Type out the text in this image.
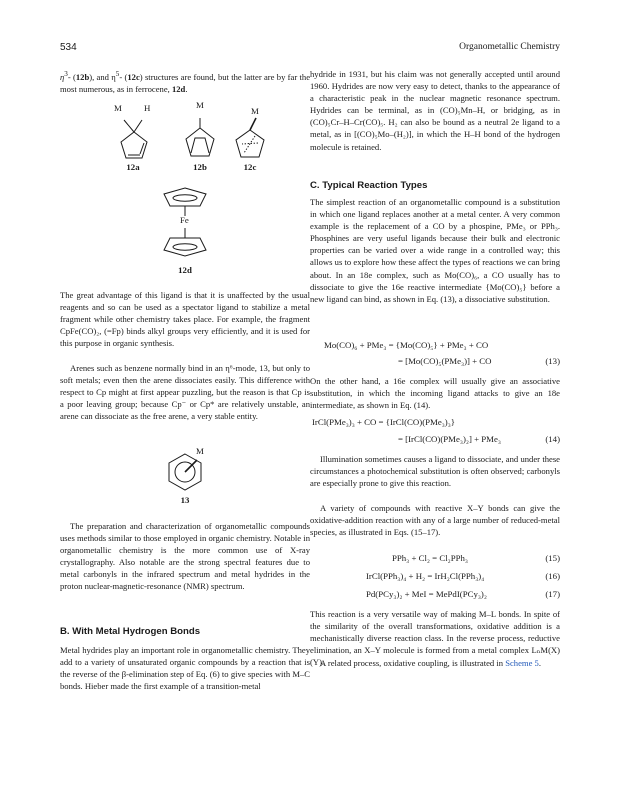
534	Organometallic Chemistry
$\eta^3-$ (12b), and $\eta^5-$ (12c) structures are found, but the latter are by far the most numerous, as in ferrocene, 12d.
M	H	M
M
12a	12b	12c
Fe
12d
The great advantage of this ligand is that it is unaffected by the usual reagents and so can be used as a spectator ligand to stabilize a metal fragment while other chemistry takes place. For example, the fragment CpFe(CO)₂, (=Fp) binds alkyl groups very efficiently, and it is used for this purpose in organic synthesis.
Arenes such as benzene normally bind in an η⁶-mode, 13, but only to soft metals; even then the arene dissociates easily. This difference with respect to Cp might at first appear puzzling, but the reason is that Cp is a poor leaving group; because Cp⁻ or Cp* are relatively unstable, an arene can dissociate as the free arene, a very stable entity.
M
13
The preparation and characterization of organometallic compounds uses methods similar to those employed in organic chemistry. Notable in organometallic chemistry is the more common use of X-ray crystallography. Also notable are the strong spectral features due to metal carbonyls in the infrared spectrum and metal hydrides in the proton nuclear-magnetic-resonance (NMR) spectrum.
B. With Metal Hydrogen Bonds
Metal hydrides play an important role in organometallic chemistry. They add to a variety of unsaturated organic compounds by a reaction that is the reverse of the β-elimination step of Eq. (6) to give species with M–C bonds. Hieber made the first example of a transition-metal
hydride in 1931, but his claim was not generally accepted until around 1960. Hydrides are now very easy to detect, thanks to the appearance of a characteristic peak in the nuclear magnetic resonance spectrum. Hydrides can be terminal, as in (CO)₅Mn–H, or bridging, as in (CO)₅Cr–H–Cr(CO)₅. H₂ can also be bound as a neutral 2e ligand to a metal, as in [(CO)₅Mo–(H₂)], in which the H–H bond of the hydrogen molecule is retained.
C. Typical Reaction Types
The simplest reaction of an organometallic compound is a substitution in which one ligand replaces another at a metal center. A very common example is the replacement of a CO by a phospine, PMe₃ or PPh₃. Phosphines are very useful ligands because their bulk and electronic properties can be varied over a wide range in a controlled way; this allows us to explore how these affect the types of reactions we can bring about. In an 18e complex, such as Mo(CO)₆, a CO usually has to dissociate to give the 16e reactive intermediate {Mo(CO)₅} before a new ligand can bind, as shown in Eq. (13), a dissociative substitution.
Mo(CO)₆ + PMe₃ = {Mo(CO)₅} + PMe₃ + CO
= [Mo(CO)₅(PMe₃)] + CO	(13)
On the other hand, a 16e complex will usually give an associative substitution, in which the incoming ligand attacks to give an 18e intermediate, as shown in Eq. (14).
IrCl(PMe₃)₃ + CO = {IrCl(CO)(PMe₃)₃}
= [IrCl(CO)(PMe₃)₂] + PMe₃	(14)
Illumination sometimes causes a ligand to dissociate, and under these circumstances a photochemical substitution is often observed; carbonyls are especially prone to give this reaction.
A variety of compounds with reactive X–Y bonds can give the oxidative-addition reaction with any of a large number of reduced-metal species, as illustrated in Eqs. (15–17).
PPh₃ + Cl₂ = Cl₂PPh₃	(15)
IrCl(PPh₃)₄ + H₂ = IrH₂Cl(PPh₃)₄	(16)
Pd(PCy₃)₂ + MeI = MePdI(PCy₃)₂	(17)
This reaction is a very versatile way of making M–L bonds. In spite of the similarity of the overall transformations, oxidative addition is a mechanistically diverse reaction class. In the reverse process, reductive elimination, an X–Y molecule is formed from a metal complex LₙM(X)(Y).
A related process, oxidative coupling, is illustrated in Scheme 5.
